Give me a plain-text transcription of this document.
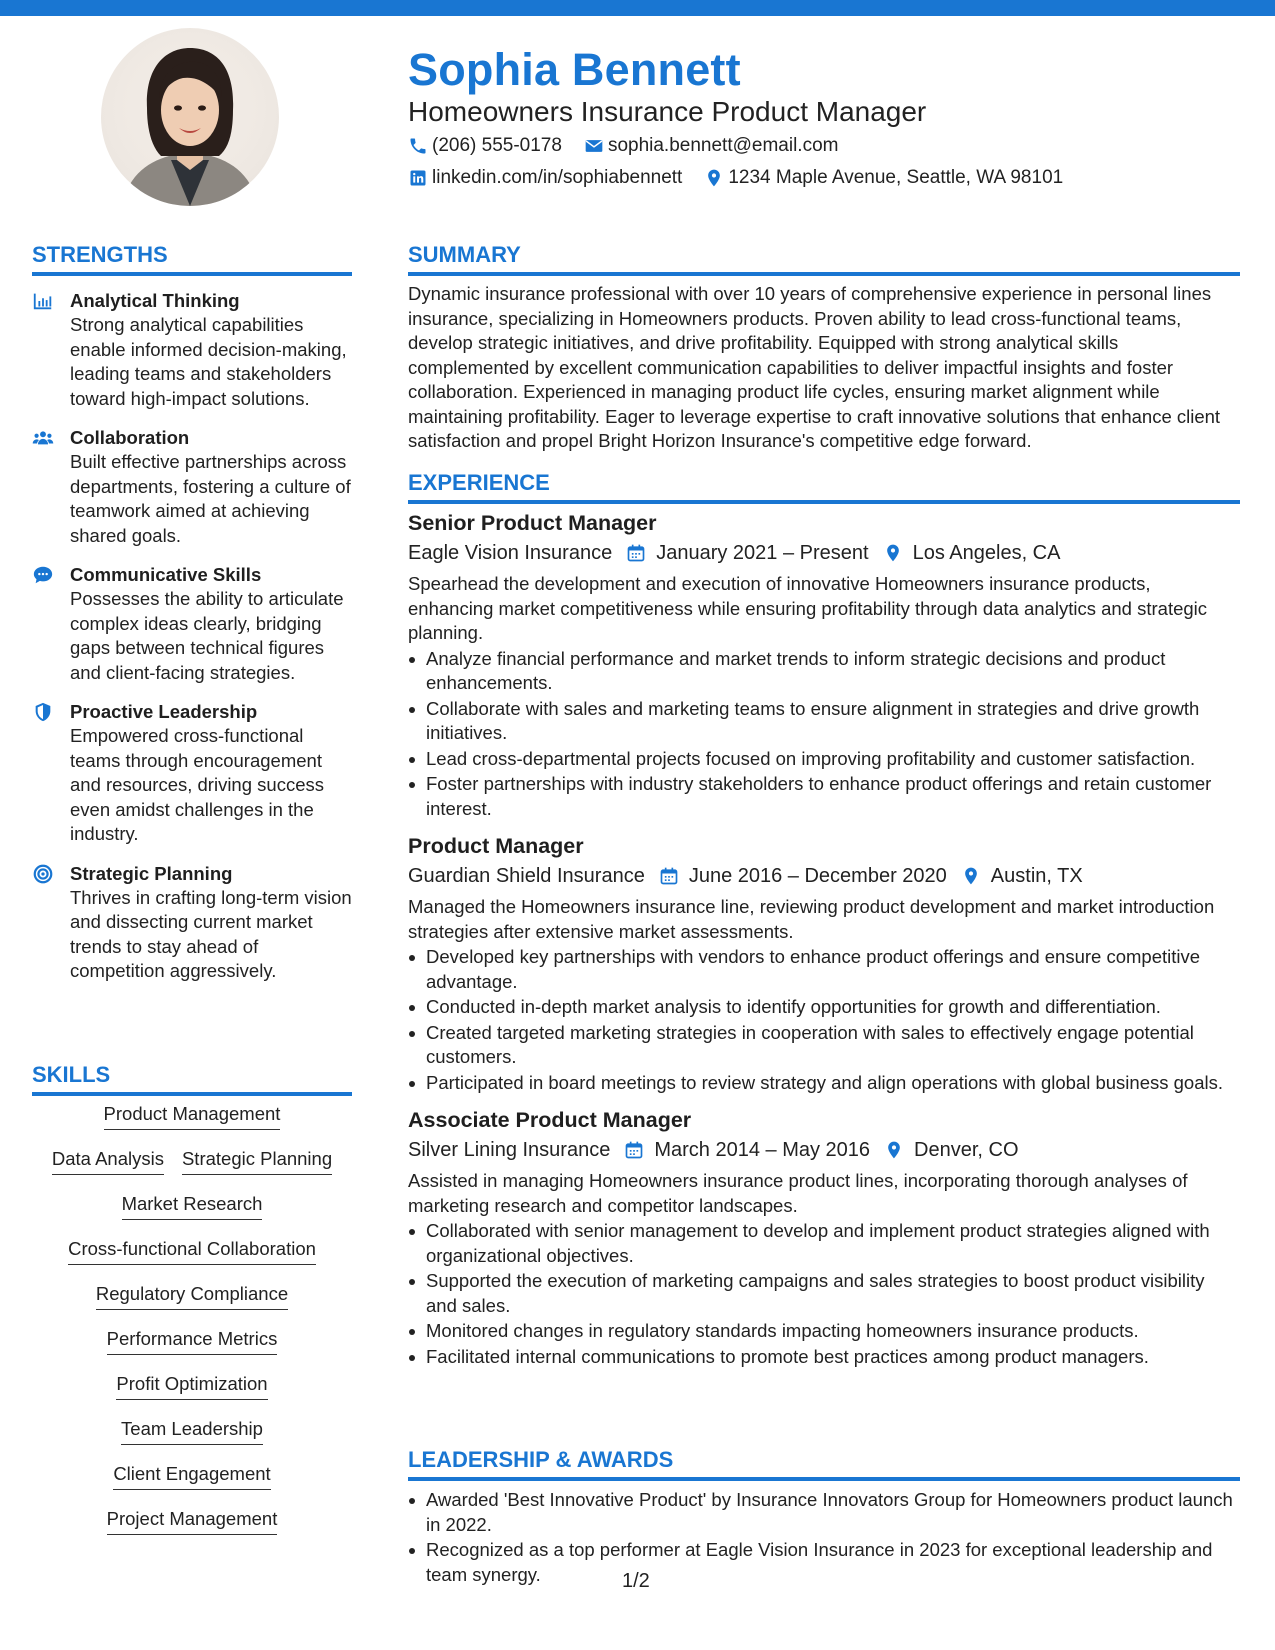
Sophia Bennett
Homeowners Insurance Product Manager
(206) 555-0178 sophia.bennett@email.com
linkedin.com/in/sophiabennett 1234 Maple Avenue, Seattle, WA 98101
STRENGTHS
Analytical Thinking
Strong analytical capabilities enable informed decision-making, leading teams and stakeholders toward high-impact solutions.
Collaboration
Built effective partnerships across departments, fostering a culture of teamwork aimed at achieving shared goals.
Communicative Skills
Possesses the ability to articulate complex ideas clearly, bridging gaps between technical figures and client-facing strategies.
Proactive Leadership
Empowered cross-functional teams through encouragement and resources, driving success even amidst challenges in the industry.
Strategic Planning
Thrives in crafting long-term vision and dissecting current market trends to stay ahead of competition aggressively.
SKILLS
Product Management
Data Analysis Strategic Planning
Market Research
Cross-functional Collaboration
Regulatory Compliance
Performance Metrics
Profit Optimization
Team Leadership
Client Engagement
Project Management
SUMMARY
Dynamic insurance professional with over 10 years of comprehensive experience in personal lines insurance, specializing in Homeowners products. Proven ability to lead cross-functional teams, develop strategic initiatives, and drive profitability. Equipped with strong analytical skills complemented by excellent communication capabilities to deliver impactful insights and foster collaboration. Experienced in managing product life cycles, ensuring market alignment while maintaining profitability. Eager to leverage expertise to craft innovative solutions that enhance client satisfaction and propel Bright Horizon Insurance's competitive edge forward.
EXPERIENCE
Senior Product Manager
Eagle Vision Insurance January 2021 – Present Los Angeles, CA
Spearhead the development and execution of innovative Homeowners insurance products, enhancing market competitiveness while ensuring profitability through data analytics and strategic planning.
Analyze financial performance and market trends to inform strategic decisions and product enhancements.
Collaborate with sales and marketing teams to ensure alignment in strategies and drive growth initiatives.
Lead cross-departmental projects focused on improving profitability and customer satisfaction.
Foster partnerships with industry stakeholders to enhance product offerings and retain customer interest.
Product Manager
Guardian Shield Insurance June 2016 – December 2020 Austin, TX
Managed the Homeowners insurance line, reviewing product development and market introduction strategies after extensive market assessments.
Developed key partnerships with vendors to enhance product offerings and ensure competitive advantage.
Conducted in-depth market analysis to identify opportunities for growth and differentiation.
Created targeted marketing strategies in cooperation with sales to effectively engage potential customers.
Participated in board meetings to review strategy and align operations with global business goals.
Associate Product Manager
Silver Lining Insurance March 2014 – May 2016 Denver, CO
Assisted in managing Homeowners insurance product lines, incorporating thorough analyses of marketing research and competitor landscapes.
Collaborated with senior management to develop and implement product strategies aligned with organizational objectives.
Supported the execution of marketing campaigns and sales strategies to boost product visibility and sales.
Monitored changes in regulatory standards impacting homeowners insurance products.
Facilitated internal communications to promote best practices among product managers.
LEADERSHIP & AWARDS
Awarded 'Best Innovative Product' by Insurance Innovators Group for Homeowners product launch in 2022.
Recognized as a top performer at Eagle Vision Insurance in 2023 for exceptional leadership and team synergy.	1/2
